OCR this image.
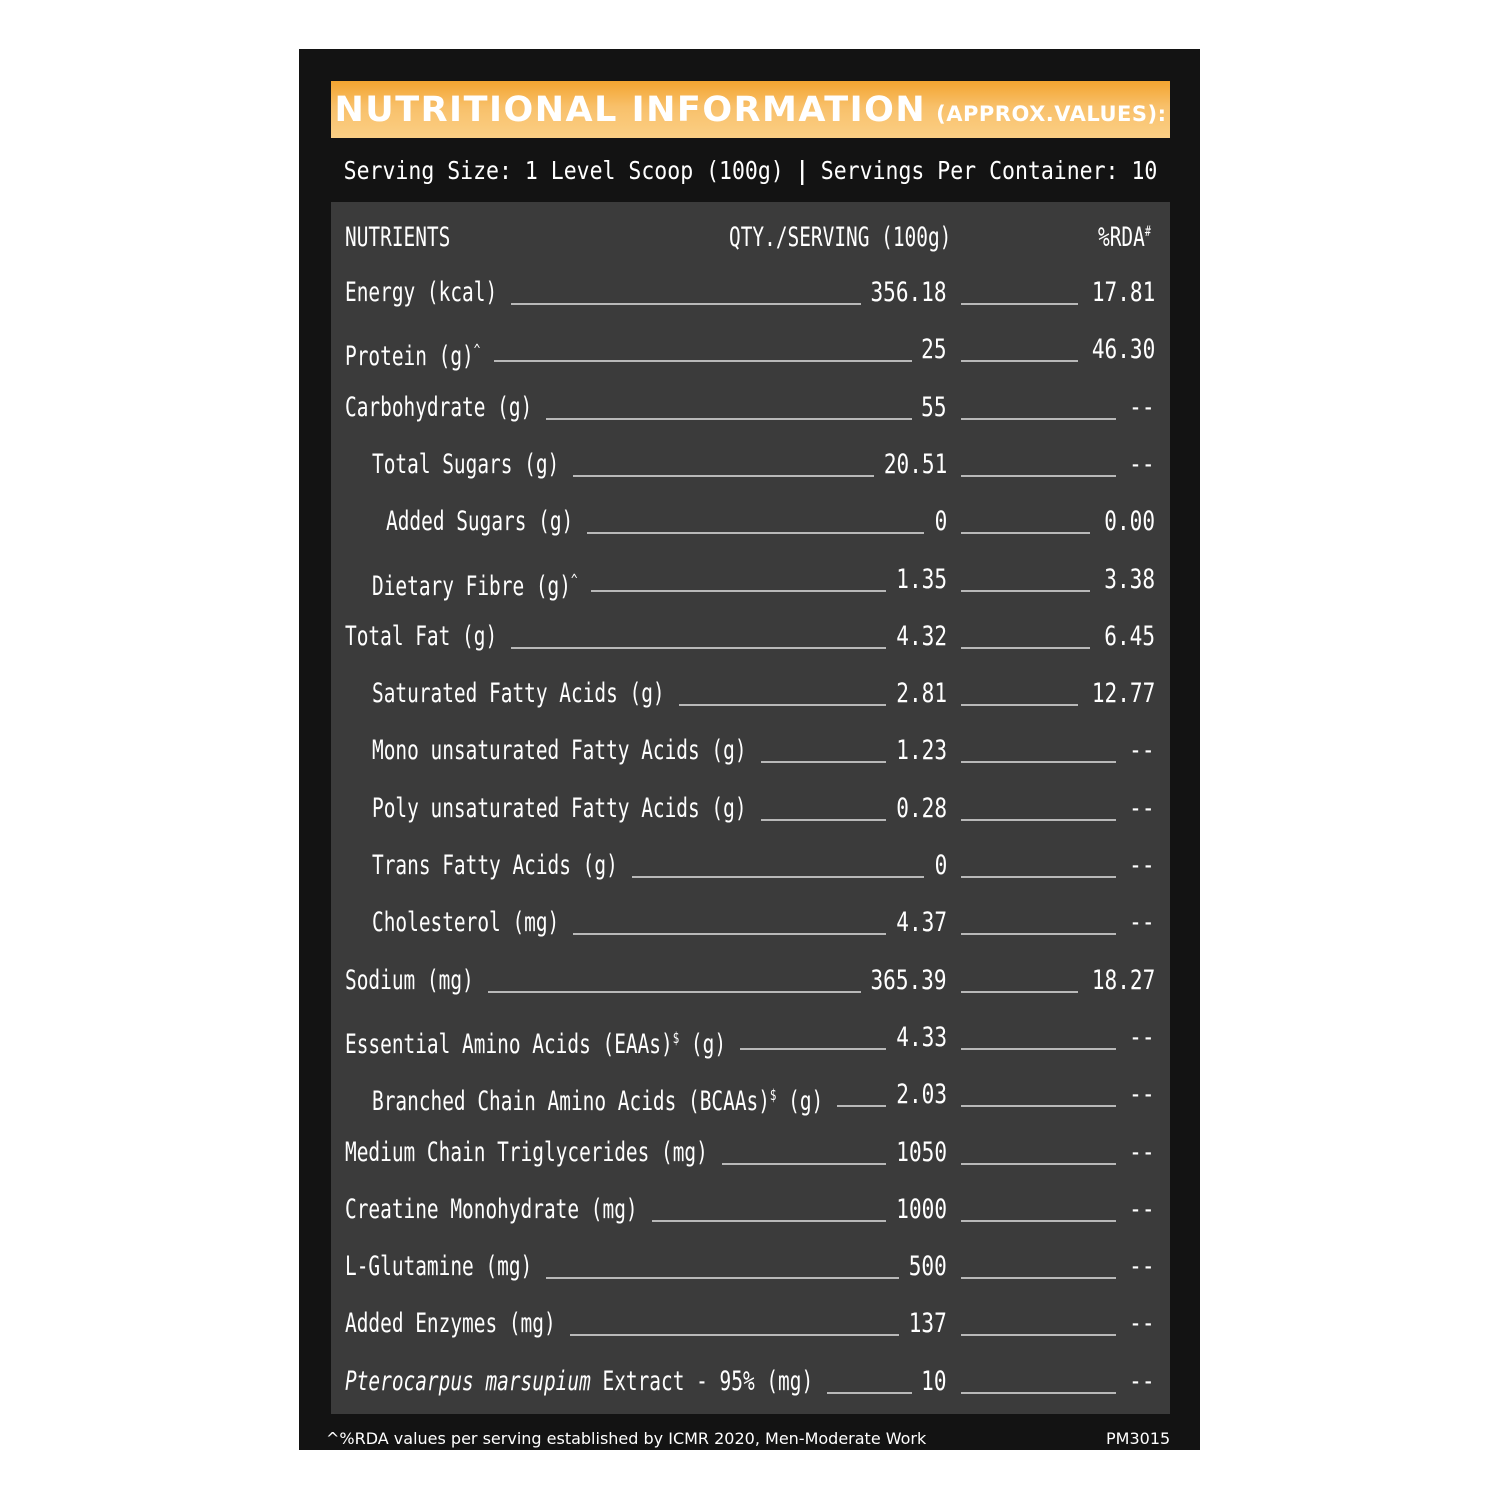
NUTRITIONAL INFORMATION (APPROX.VALUES):
Serving Size: 1 Level Scoop (100g) | Servings Per Container: 10
NUTRIENTS	QTY./SERVING (100g)	%RDA#
Energy (kcal)	356.18	17.81
Protein (g)^	25	46.30
Carbohydrate (g)	55	--
Total Sugars (g)	20.51	--
Added Sugars (g)	0	0.00
Dietary Fibre (g)^	1.35	3.38
Total Fat (g)	4.32	6.45
Saturated Fatty Acids (g)	2.81	12.77
Mono unsaturated Fatty Acids (g)	1.23	--
Poly unsaturated Fatty Acids (g)	0.28	--
Trans Fatty Acids (g)	0	--
Cholesterol (mg)	4.37	--
Sodium (mg)	365.39	18.27
Essential Amino Acids (EAAs)$ (g)	4.33	--
Branched Chain Amino Acids (BCAAs)$ (g)	2.03	--
Medium Chain Triglycerides (mg)	1050	--
Creatine Monohydrate (mg)	1000	--
L-Glutamine (mg)	500	--
Added Enzymes (mg)	137	--
Pterocarpus marsupium Extract - 95% (mg)	10	--
^%RDA values per serving established by ICMR 2020, Men-Moderate Work	PM3015
